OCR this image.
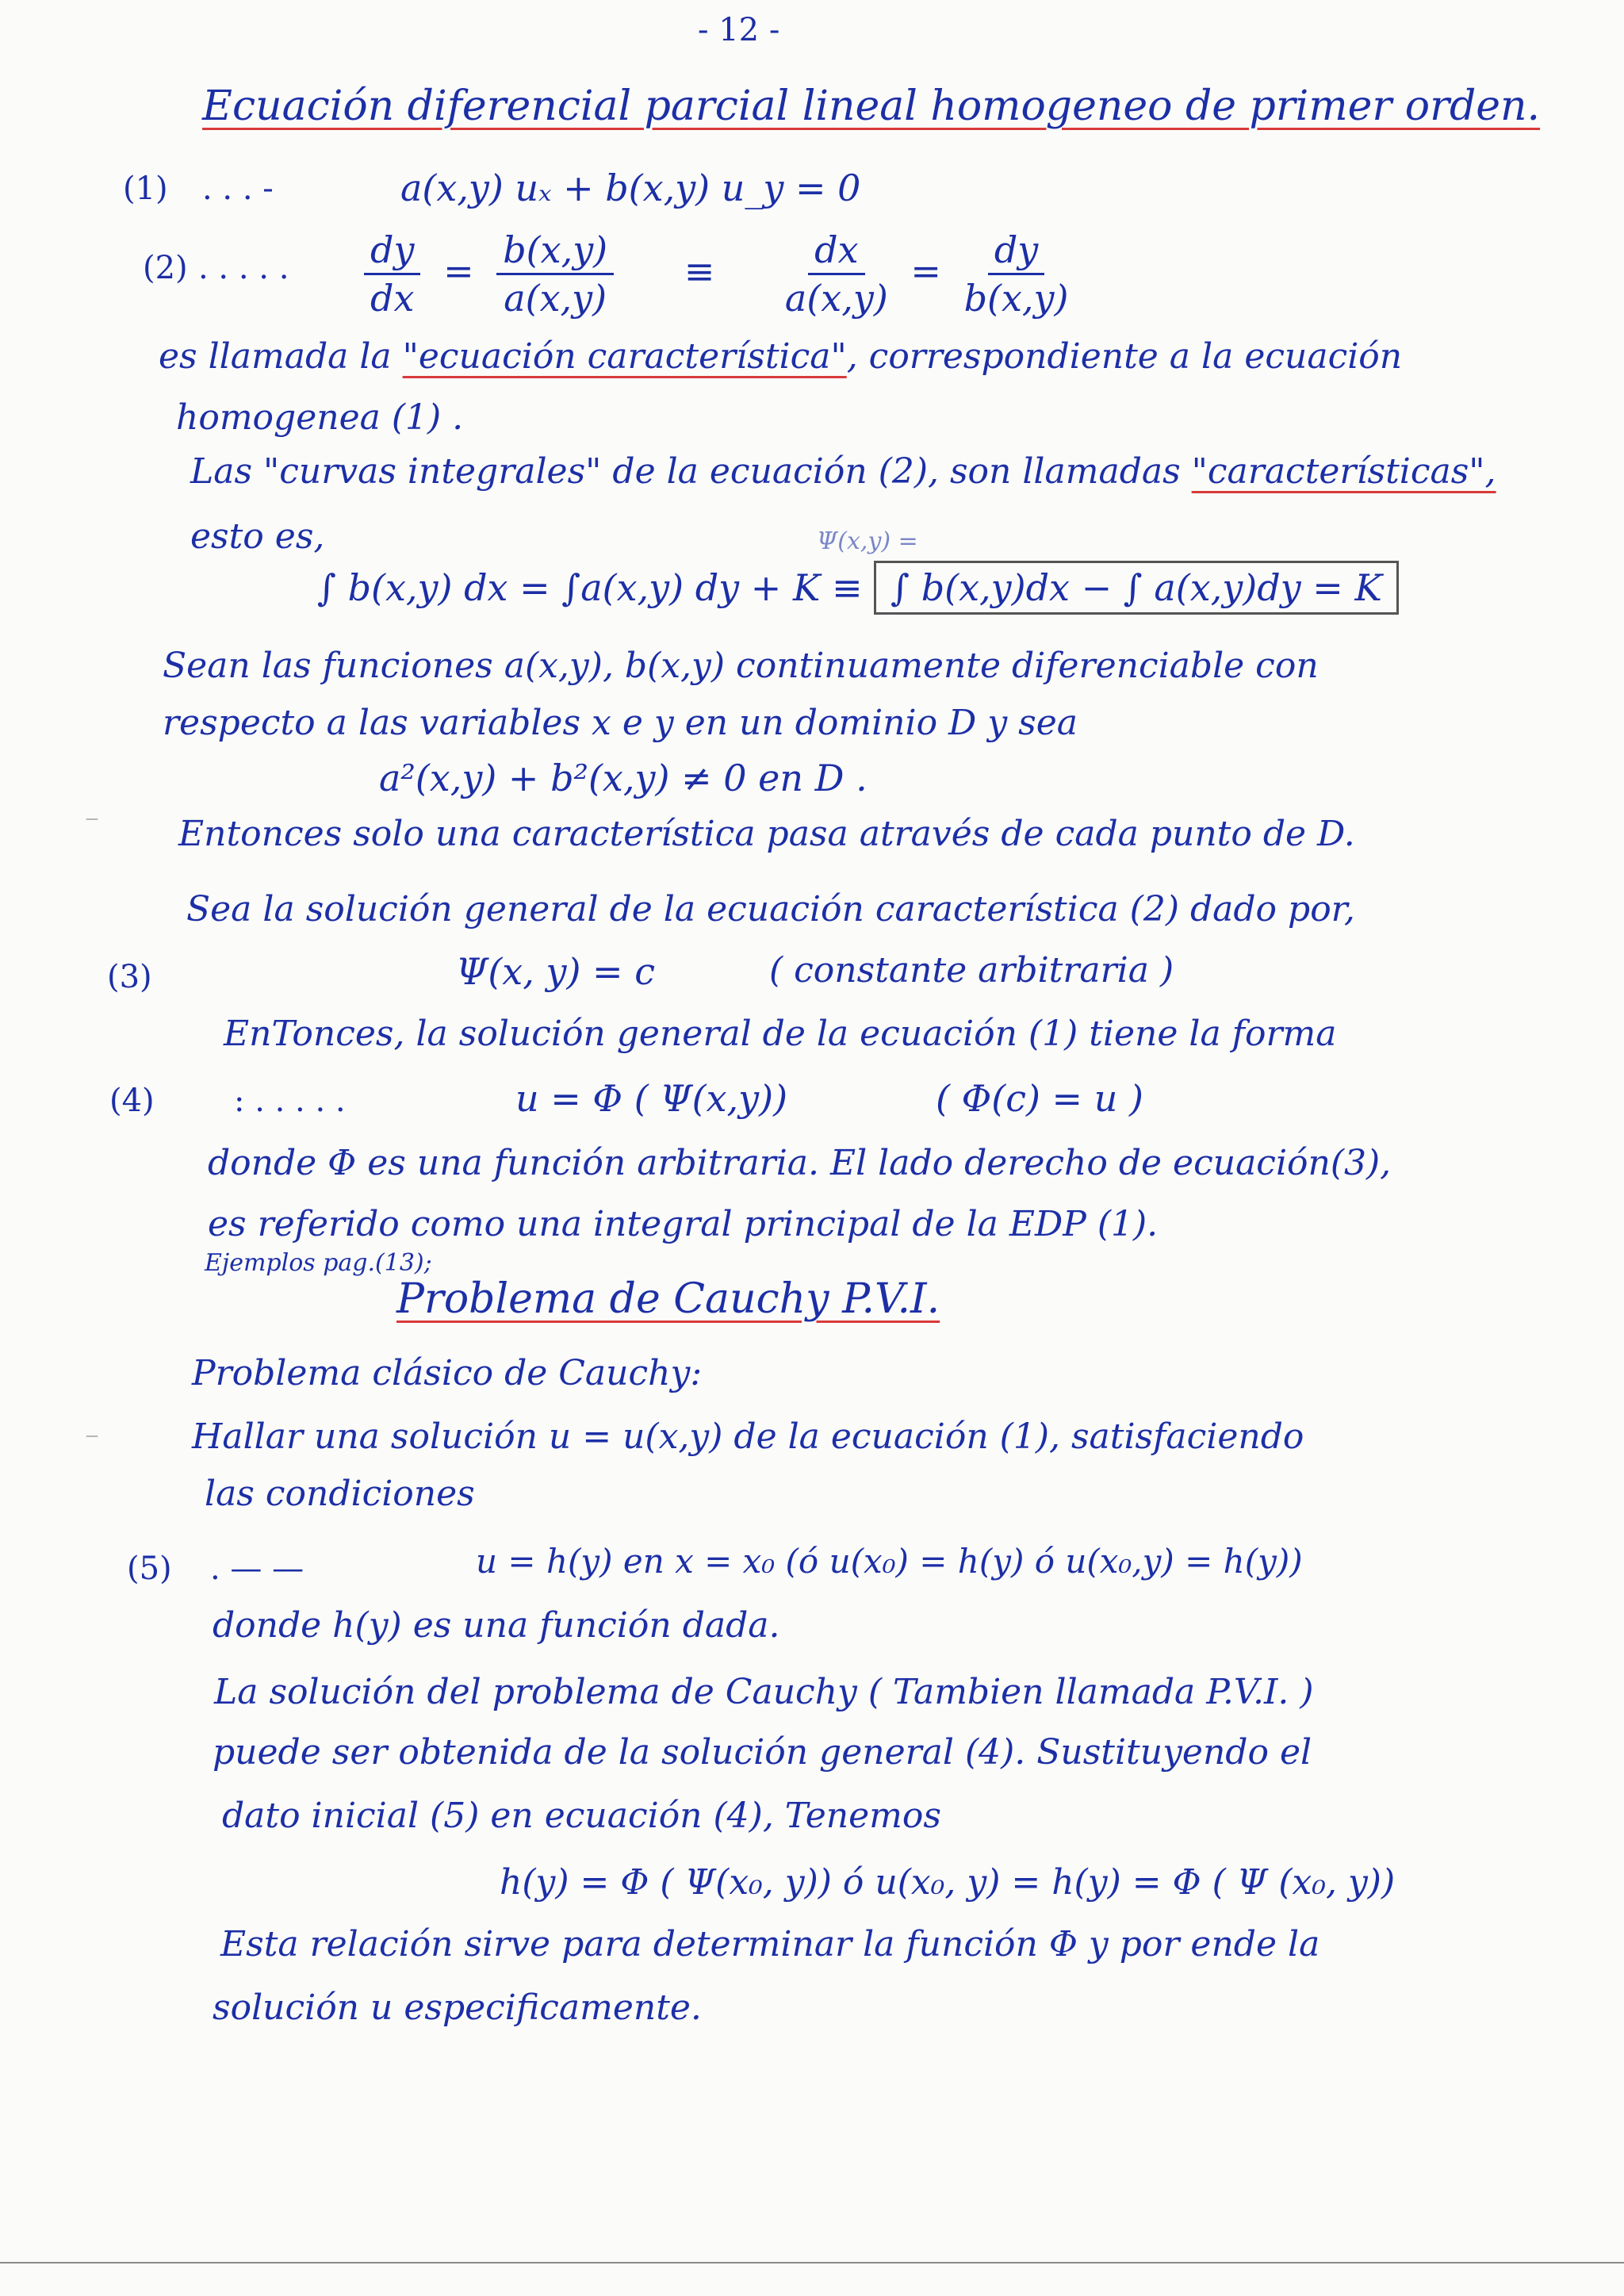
- 12 -
Ecuación diferencial parcial lineal homogeneo de primer orden.
(1) . . . -	a(x,y) uₓ + b(x,y) u_y = 0
(2) . . . . . $\frac{dy}{dx} = \frac{b(x,y)}{a(x,y)} \equiv \frac{dx}{a(x,y)} = \frac{dy}{b(x,y)}$
es llamada la "ecuación característica", correspondiente a la ecuación
homogenea (1) .
Las "curvas integrales" de la ecuación (2), son llamadas "características",
esto es,	Ψ(x,y) =
∫ b(x,y) dx = ∫a(x,y) dy + K ≡ ∫ b(x,y)dx − ∫ a(x,y)dy = K
Sean las funciones a(x,y), b(x,y) continuamente diferenciable con
respecto a las variables x e y en un dominio D y sea
a²(x,y) + b²(x,y) ≠ 0 en D .
— Entonces solo una característica pasa através de cada punto de D.
Sea la solución general de la ecuación característica (2) dado por,
(3)	Ψ(x, y) = c	( constante arbitraria )
EnTonces, la solución general de la ecuación (1) tiene la forma
(4)	: . . . . .	u = Φ ( Ψ(x,y))	( Φ(c) = u )
donde Φ es una función arbitraria. El lado derecho de ecuación(3),
es referido como una integral principal de la EDP (1).
Ejemplos pag.(13);
Problema de Cauchy P.V.I.
Problema clásico de Cauchy:
—	Hallar una solución u = u(x,y) de la ecuación (1), satisfaciendo
las condiciones
(5) . — —	u = h(y) en x = x₀ (ó u(x₀) = h(y) ó u(x₀,y) = h(y))
donde h(y) es una función dada.
La solución del problema de Cauchy ( Tambien llamada P.V.I. )
puede ser obtenida de la solución general (4). Sustituyendo el
dato inicial (5) en ecuación (4), Tenemos
h(y) = Φ ( Ψ(x₀, y)) ó u(x₀, y) = h(y) = Φ ( Ψ (x₀, y))
Esta relación sirve para determinar la función Φ y por ende la
solución u especificamente.
